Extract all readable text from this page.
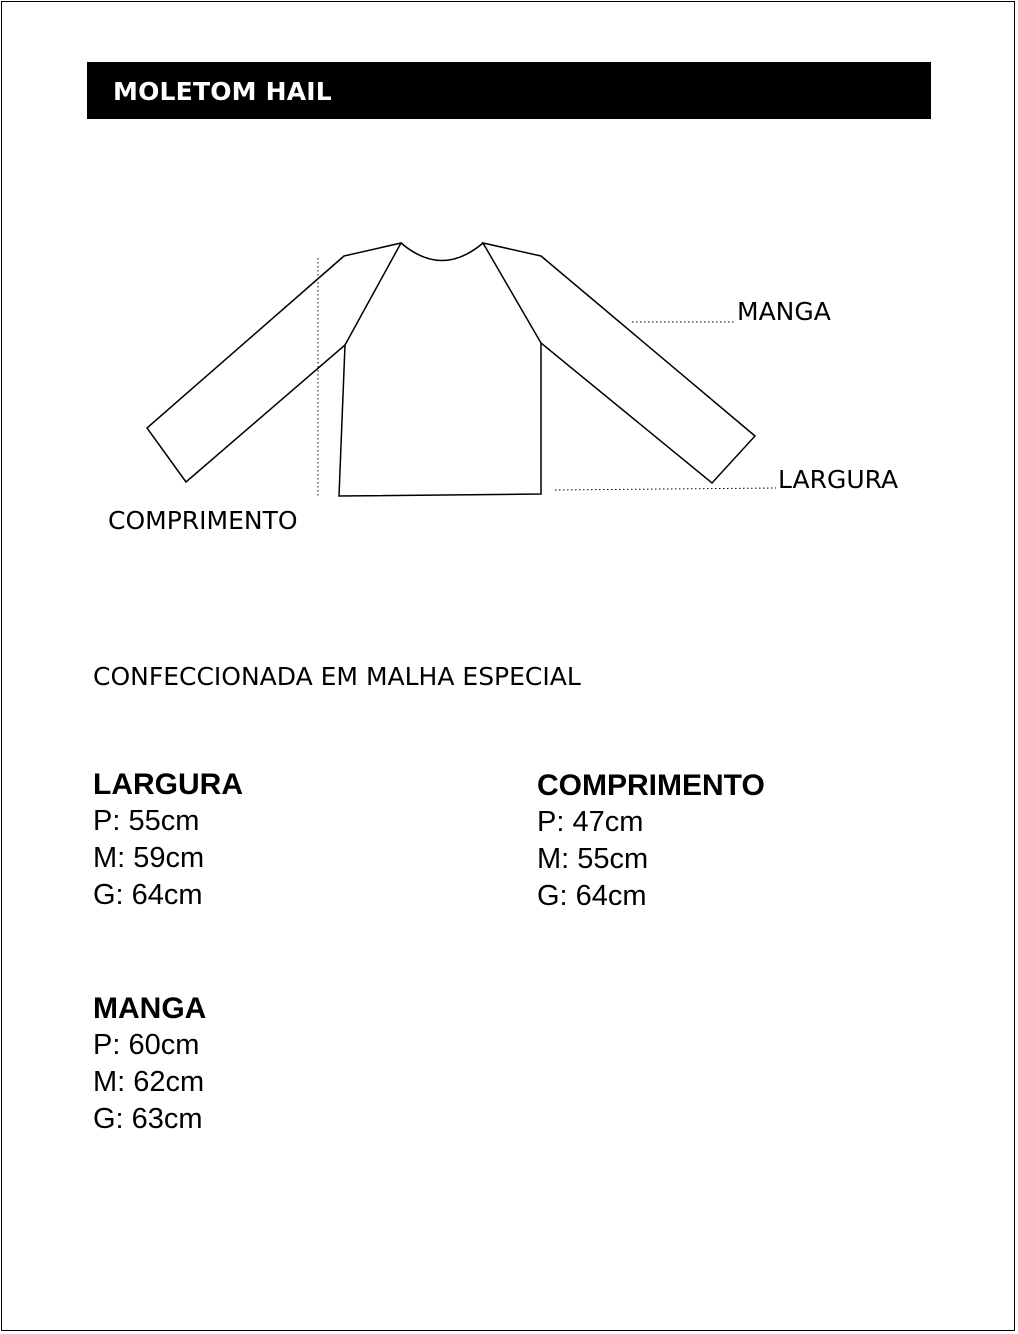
MOLETOM HAIL
MANGA
LARGURA
COMPRIMENTO
CONFECCIONADA EM MALHA ESPECIAL
LARGURA
P: 55cm
M: 59cm
G: 64cm
COMPRIMENTO
P: 47cm
M: 55cm
G: 64cm
MANGA
P: 60cm
M: 62cm
G: 63cm
